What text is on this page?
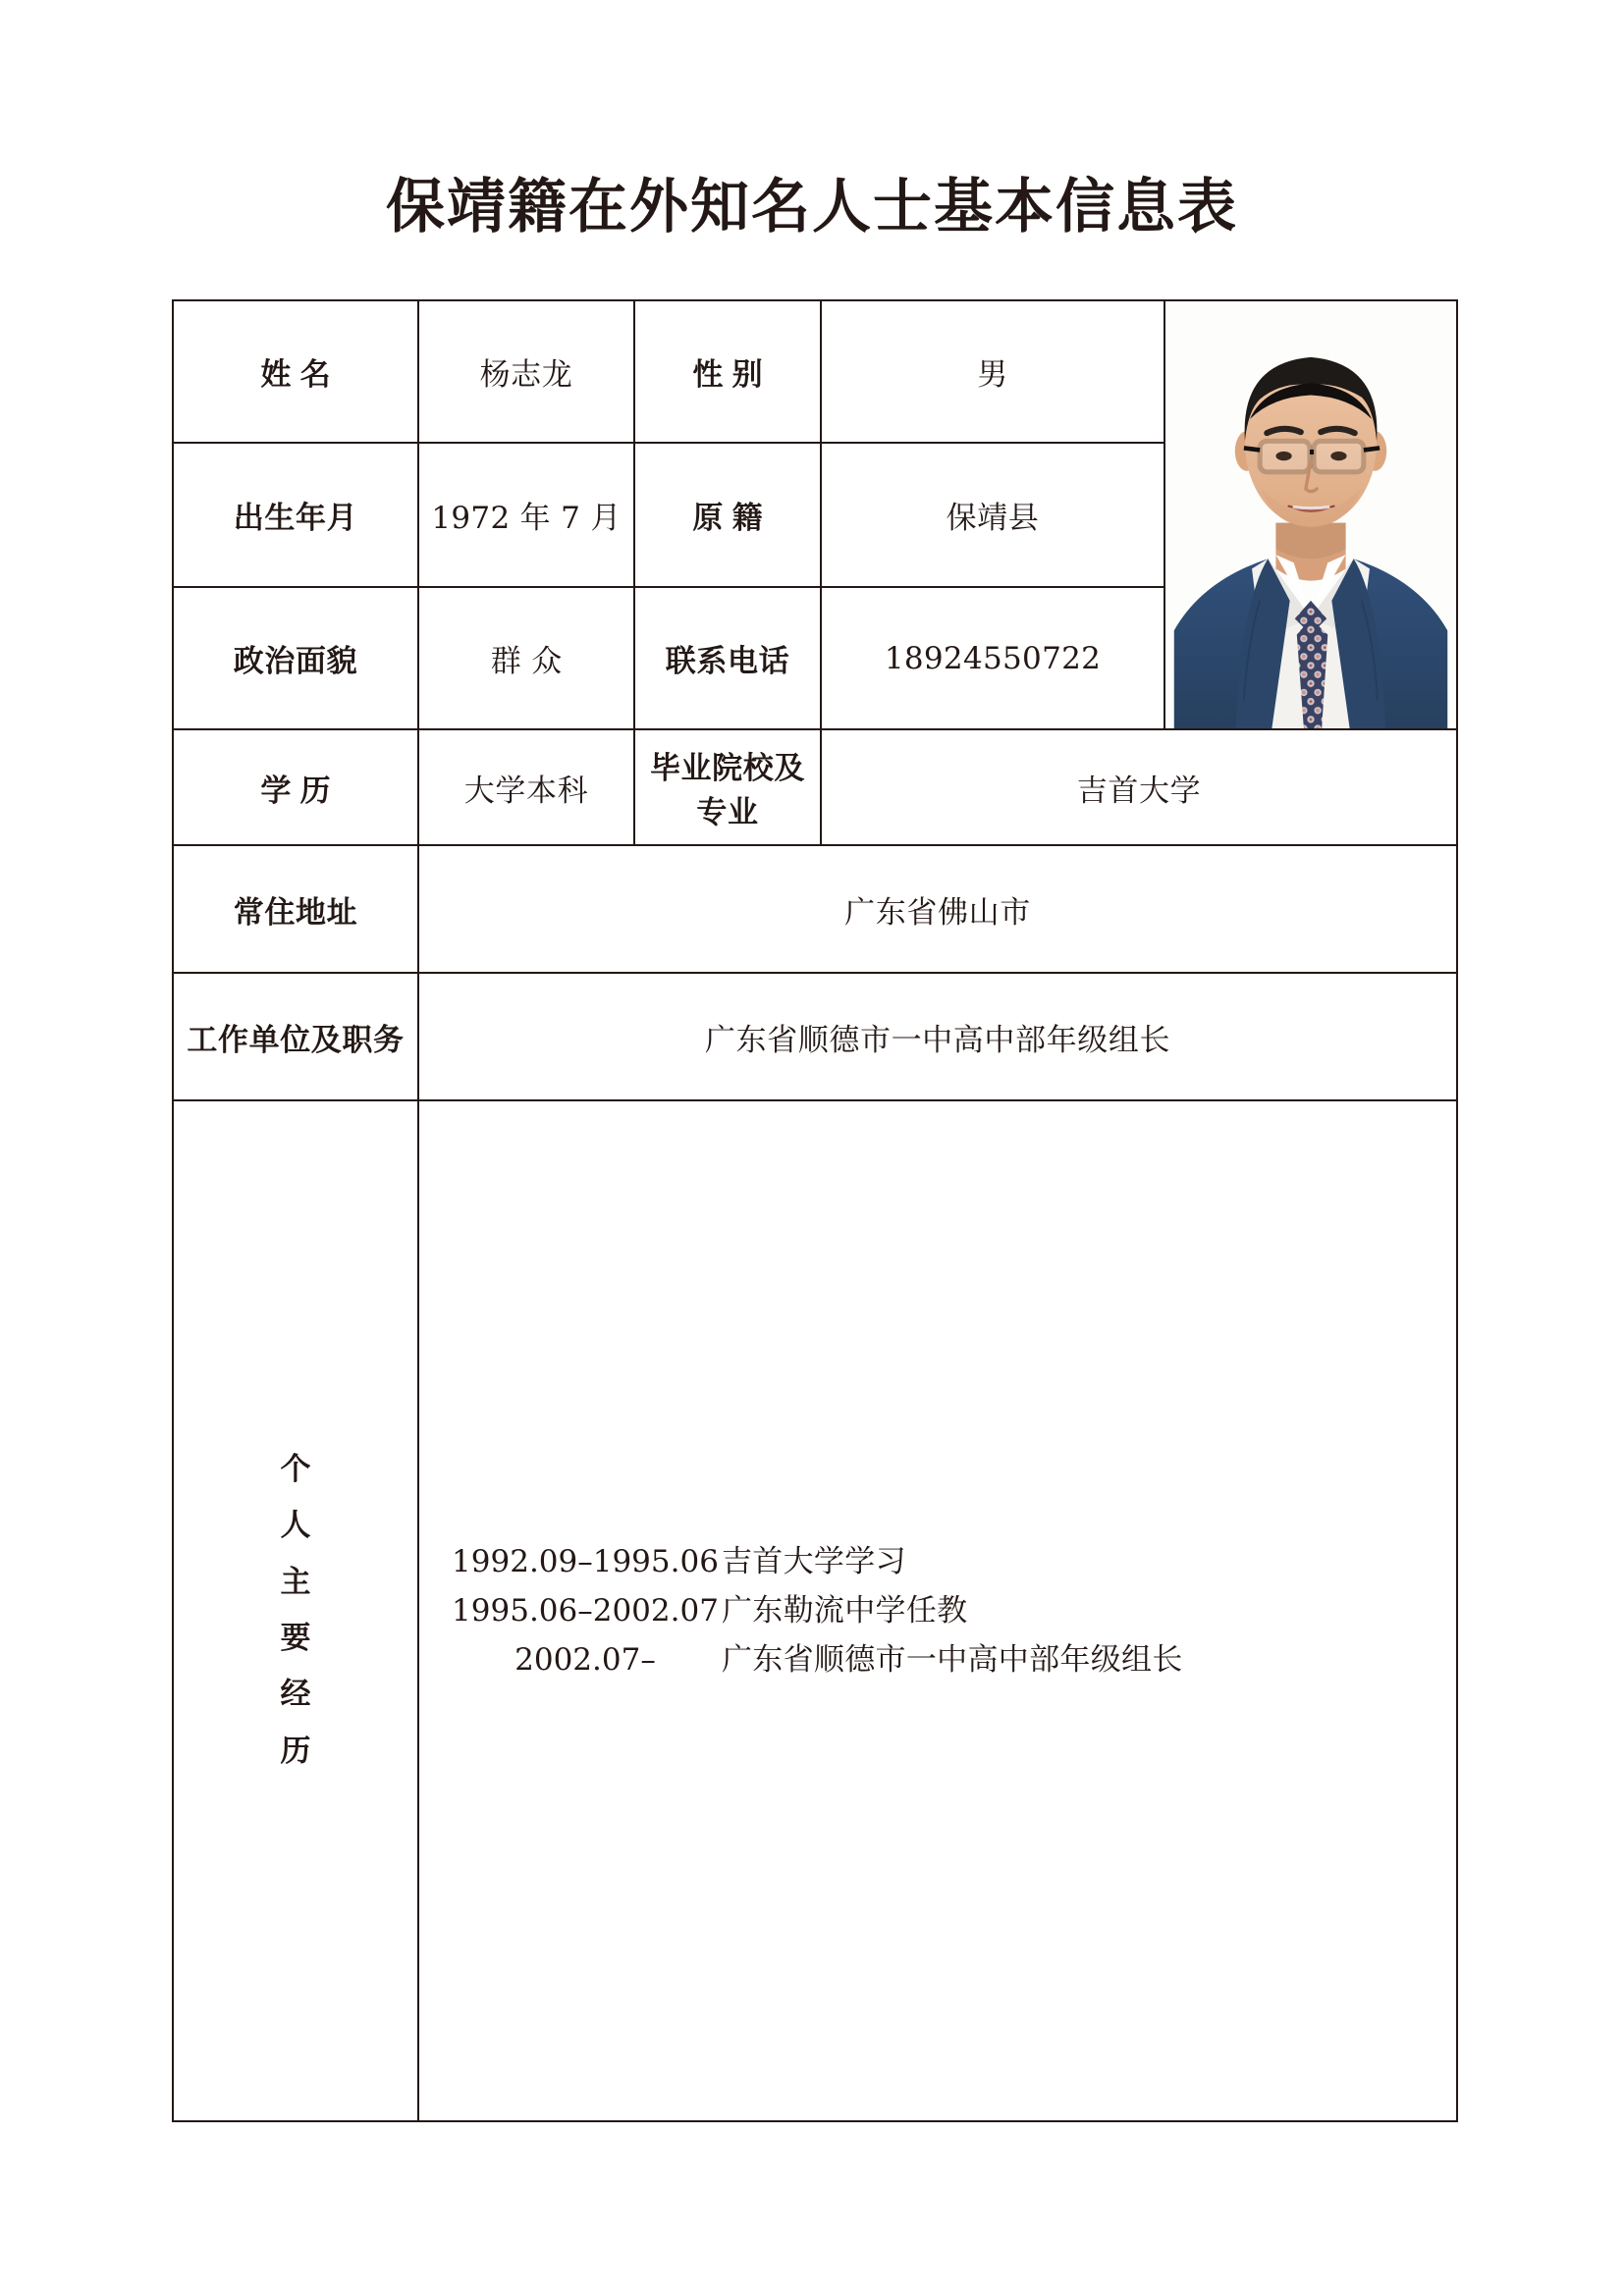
保靖籍在外知名人士基本信息表
姓名	杨志龙	性别	男	

出生年月	1972 年 7 月	原籍	保靖县	
政治面貌	群众	联系电话	18924550722	
学历	大学本科	毕业院校及专业	吉首大学	
常住地址	广东省佛山市			
工作单位及职务	广东省顺德市一中高中部年级组长			
个人主要经历	
1992.09–1995.06 吉首大学学习
1995.06–2002.07 广东勒流中学任教
2002.07–	广东省顺德市一中高中部年级组长
